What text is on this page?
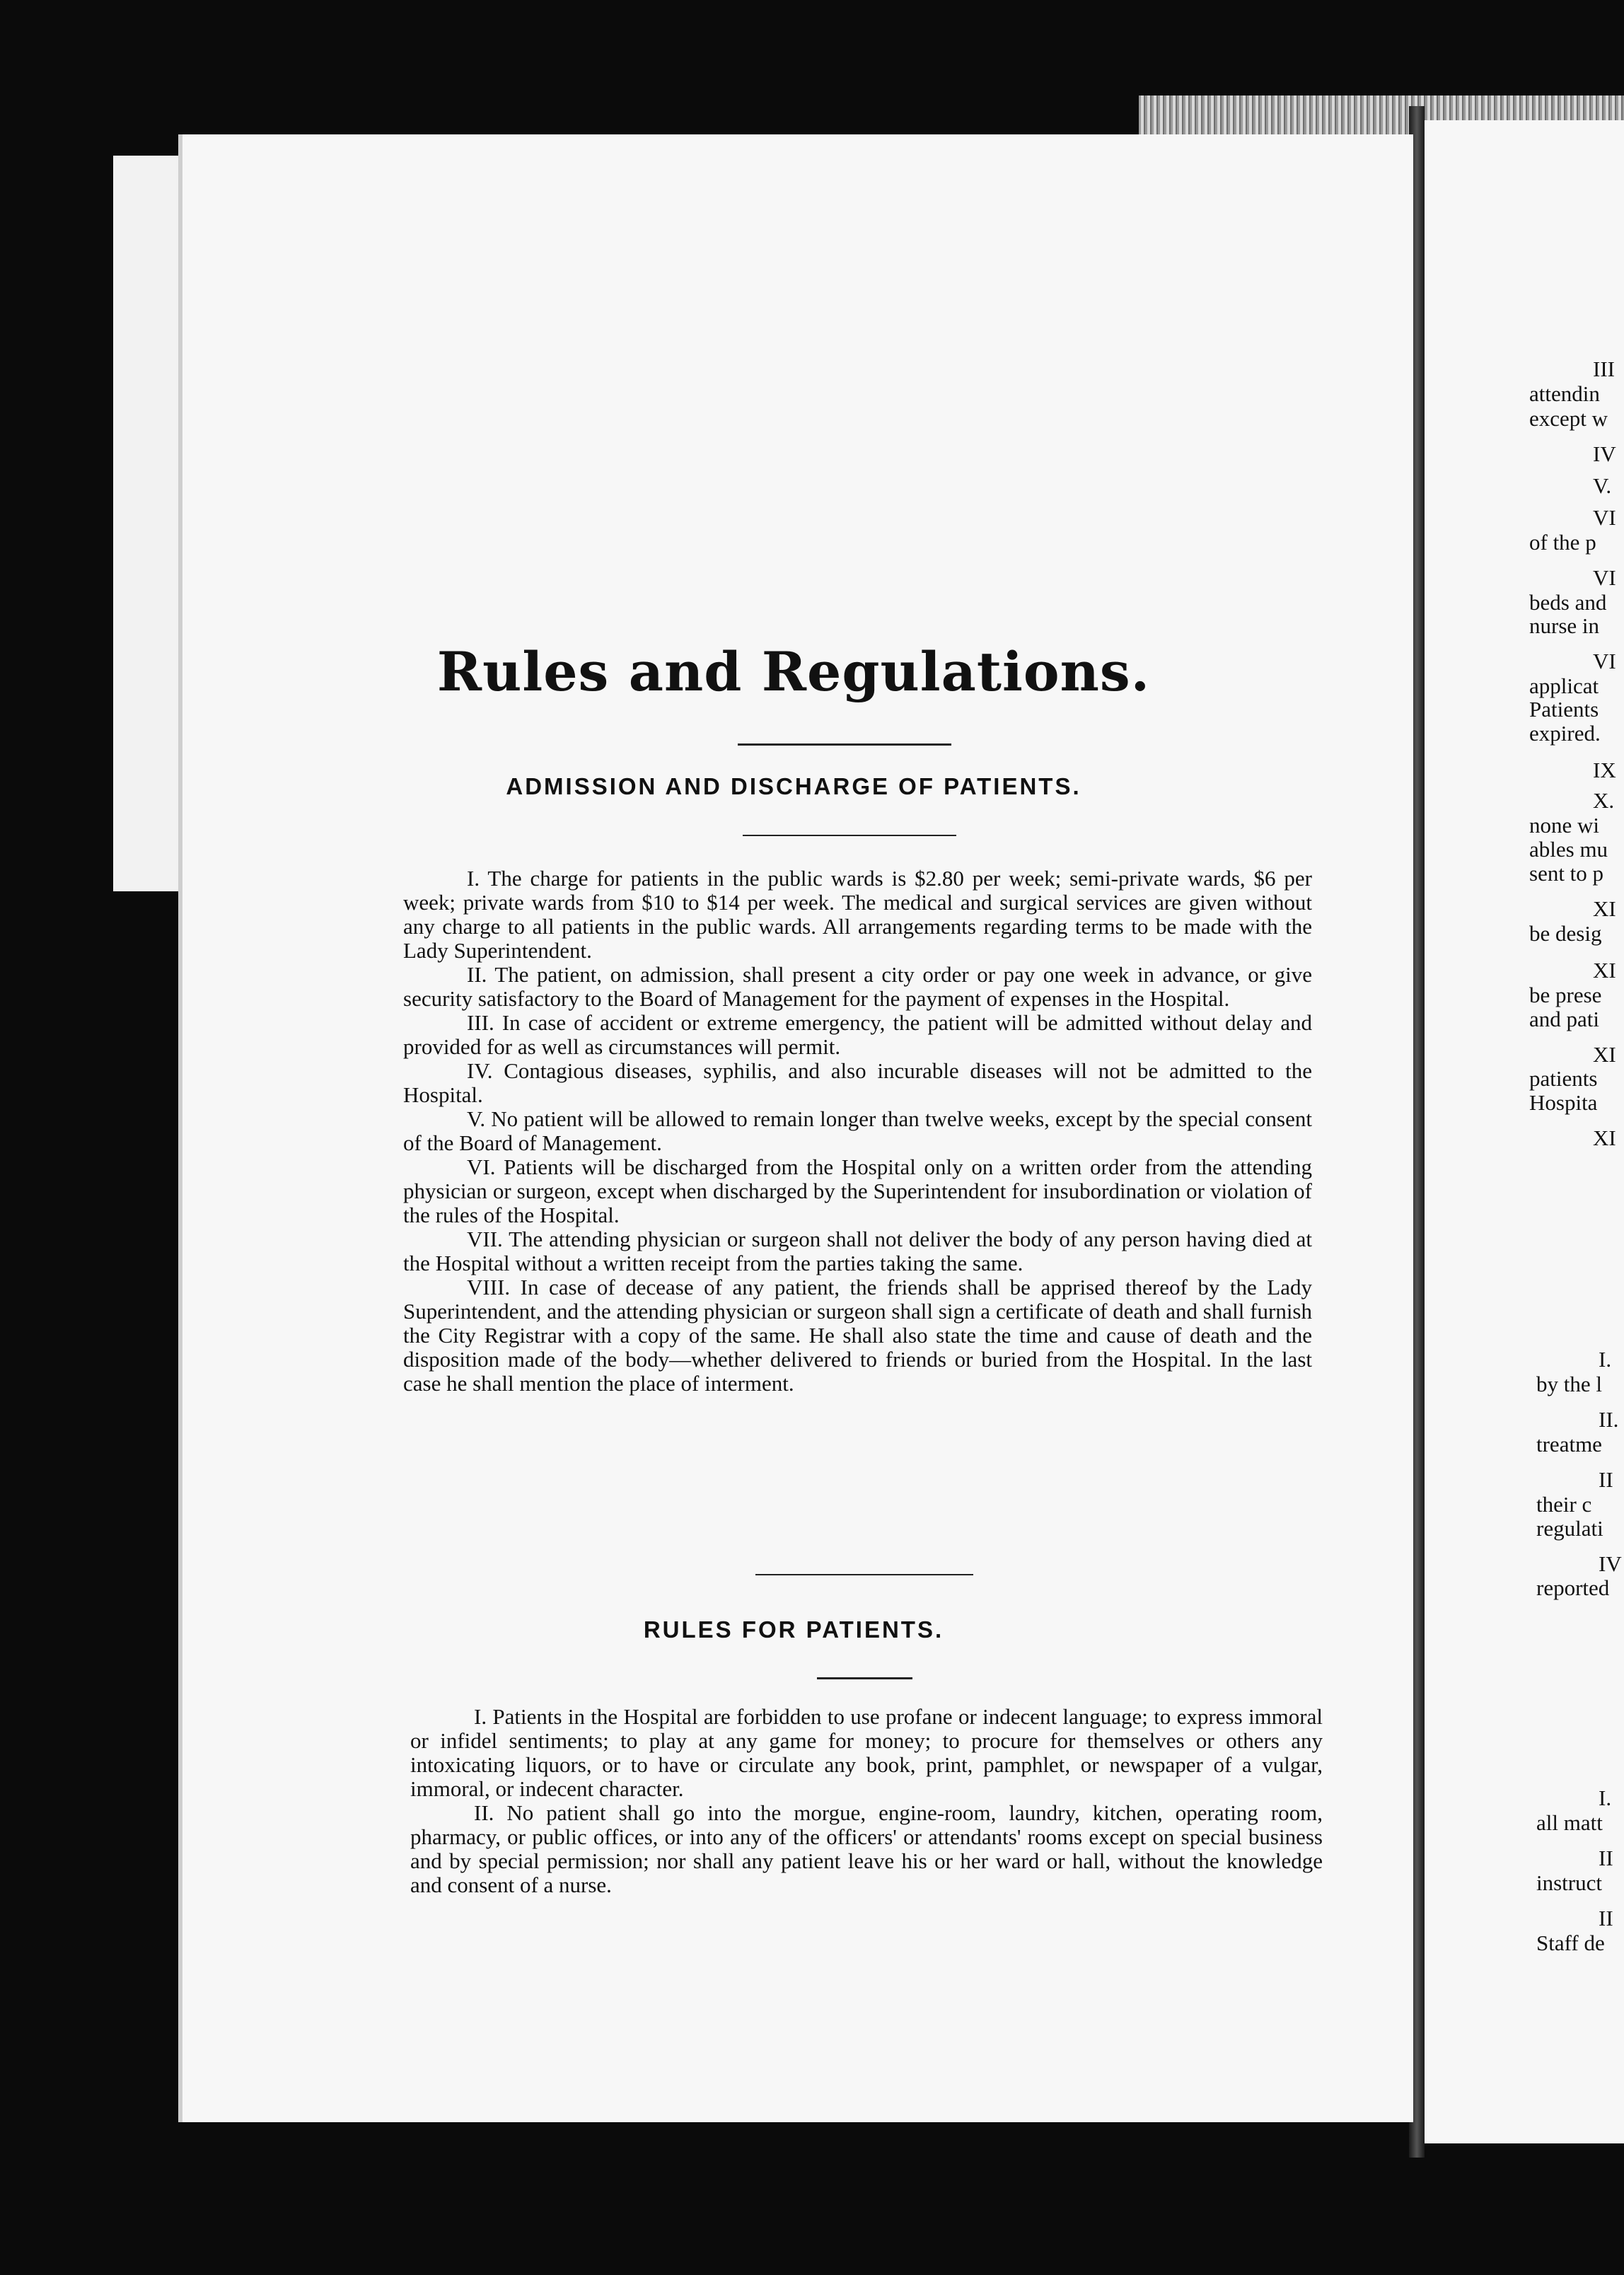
Rules and Regulations.
ADMISSION AND DISCHARGE OF PATIENTS.

I. The charge for patients in the public wards is $2.80 per week; semi-private wards, $6 per week; private wards from $10 to $14 per week. The medical and surgical services are given without any charge to all patients in the public wards. All arrangements regarding terms to be made with the Lady Superintendent.

II. The patient, on admission, shall present a city order or pay one week in advance, or give security satisfactory to the Board of Management for the payment of expenses in the Hospital.

III. In case of accident or extreme emergency, the patient will be admitted without delay and provided for as well as circumstances will permit.

IV. Contagious diseases, syphilis, and also incurable diseases will not be admitted to the Hospital.

V. No patient will be allowed to remain longer than twelve weeks, except by the special consent of the Board of Management.

VI. Patients will be discharged from the Hospital only on a written order from the attending physician or surgeon, except when discharged by the Superintendent for insubordination or violation of the rules of the Hospital.

VII. The attending physician or surgeon shall not deliver the body of any person having died at the Hospital without a written receipt from the parties taking the same.

VIII. In case of decease of any patient, the friends shall be apprised thereof by the Lady Superintendent, and the attending physician or surgeon shall sign a certificate of death and shall furnish the City Registrar with a copy of the same. He shall also state the time and cause of death and the disposition made of the body—whether delivered to friends or buried from the Hospital. In the last case he shall mention the place of interment.

RULES FOR PATIENTS.

I. Patients in the Hospital are forbidden to use profane or indecent language; to express immoral or infidel sentiments; to play at any game for money; to procure for themselves or others any intoxicating liquors, or to have or circulate any book, print, pamphlet, or newspaper of a vulgar, immoral, or indecent character.

II. No patient shall go into the morgue, engine-room, laundry, kitchen, operating room, pharmacy, or public offices, or into any of the officers' or attendants' rooms except on special business and by special permission; nor shall any patient leave his or her ward or hall, without the knowledge and consent of a nurse.

III
attendin
except w
IV
V.
VI
of the p
VI
beds and
nurse in
VI
applicat
Patients
expired.
IX
X.
none wi
ables mu
sent to p
XI
be desig
XI
be prese
and pati
XI
patients
Hospita
XI
I.
by the l
II.
treatme
II
their c
regulati
IV
reported
I.
all matt
II
instruct
II
Staff de
